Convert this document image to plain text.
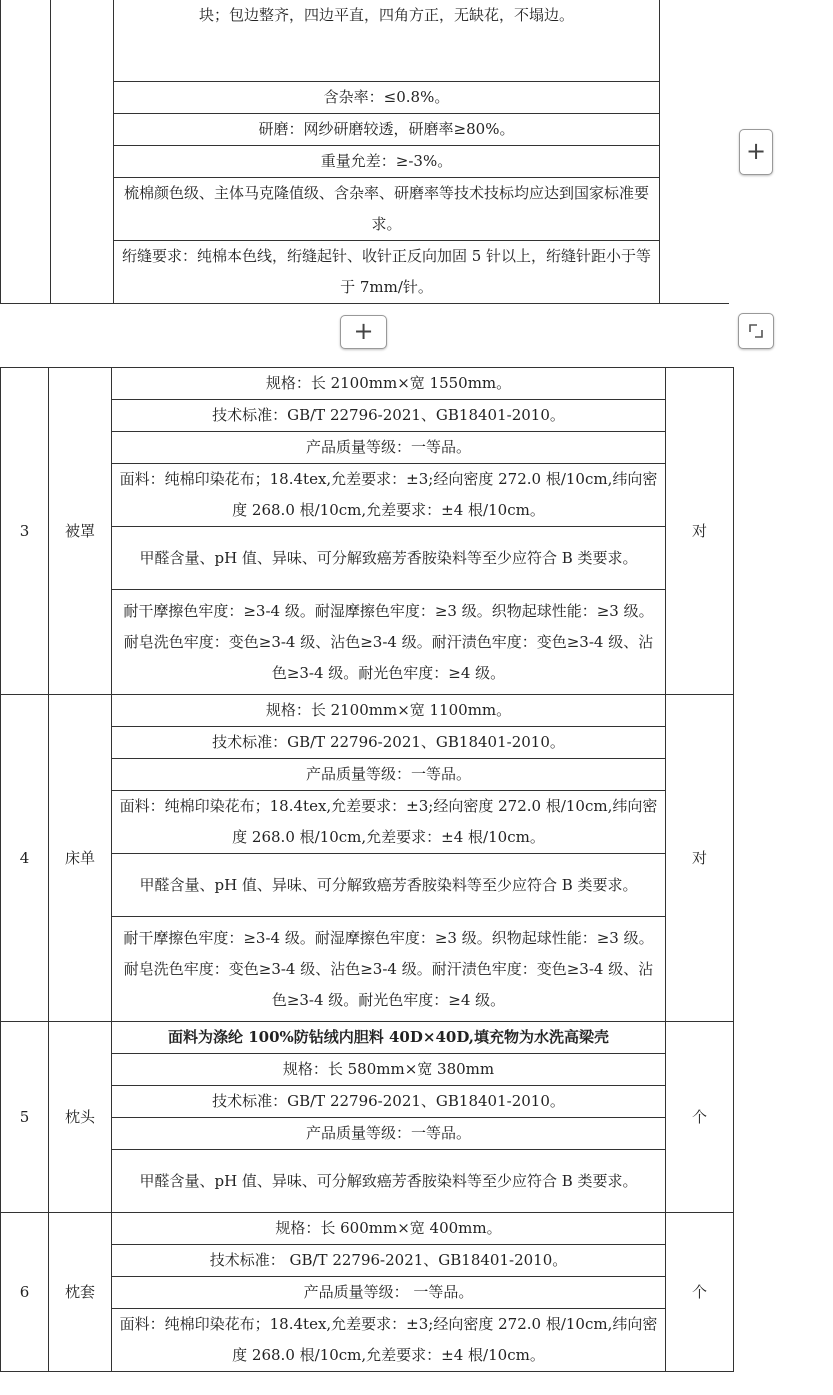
块；包边整齐，四边平直，四角方正，无缺花，不塌边。

含杂率：≤0.8%。

研磨：网纱研磨较透，研磨率≥80%。

重量允差：≥-3%。

梳棉颜色级、主体马克隆值级、含杂率、研磨率等技术技标均应达到国家标准要求。

绗缝要求：纯棉本色线，绗缝起针、收针正反向加固 5 针以上，绗缝针距小于等于 7mm/针。
+
+
3	被罩	规格：长 2100mm×宽 1550mm。	对

		技术标准：GB/T 22796-2021、GB18401-2010。	

		产品质量等级：一等品。	

		面料：纯棉印染花布；18.4tex,允差要求：±3;经向密度 272.0 根/10cm,纬向密度 268.0 根/10cm,允差要求：±4 根/10cm。	

		甲醛含量、pH 值、异味、可分解致癌芳香胺染料等至少应符合 B 类要求。	

		耐干摩擦色牢度：≥3-4 级。耐湿摩擦色牢度：≥3 级。织物起球性能：≥3 级。耐皂洗色牢度：变色≥3-4 级、沾色≥3-4 级。耐汗渍色牢度：变色≥3-4 级、沾色≥3-4 级。耐光色牢度：≥4 级。	

4	床单	规格：长 2100mm×宽 1100mm。	对

		技术标准：GB/T 22796-2021、GB18401-2010。	

		产品质量等级：一等品。	

		面料：纯棉印染花布；18.4tex,允差要求：±3;经向密度 272.0 根/10cm,纬向密度 268.0 根/10cm,允差要求：±4 根/10cm。	

		甲醛含量、pH 值、异味、可分解致癌芳香胺染料等至少应符合 B 类要求。	

		耐干摩擦色牢度：≥3-4 级。耐湿摩擦色牢度：≥3 级。织物起球性能：≥3 级。耐皂洗色牢度：变色≥3-4 级、沾色≥3-4 级。耐汗渍色牢度：变色≥3-4 级、沾色≥3-4 级。耐光色牢度：≥4 级。	

5	枕头	面料为涤纶 100%防钻绒内胆料 40D×40D,填充物为水洗高梁壳	个

		规格：长 580mm×宽 380mm	

		技术标准：GB/T 22796-2021、GB18401-2010。	

		产品质量等级：一等品。	

		甲醛含量、pH 值、异味、可分解致癌芳香胺染料等至少应符合 B 类要求。	

6	枕套	规格：长 600mm×宽 400mm。	个

		技术标准： GB/T 22796-2021、GB18401-2010。	

		产品质量等级： 一等品。	

		面料：纯棉印染花布；18.4tex,允差要求：±3;经向密度 272.0 根/10cm,纬向密度 268.0 根/10cm,允差要求：±4 根/10cm。	
